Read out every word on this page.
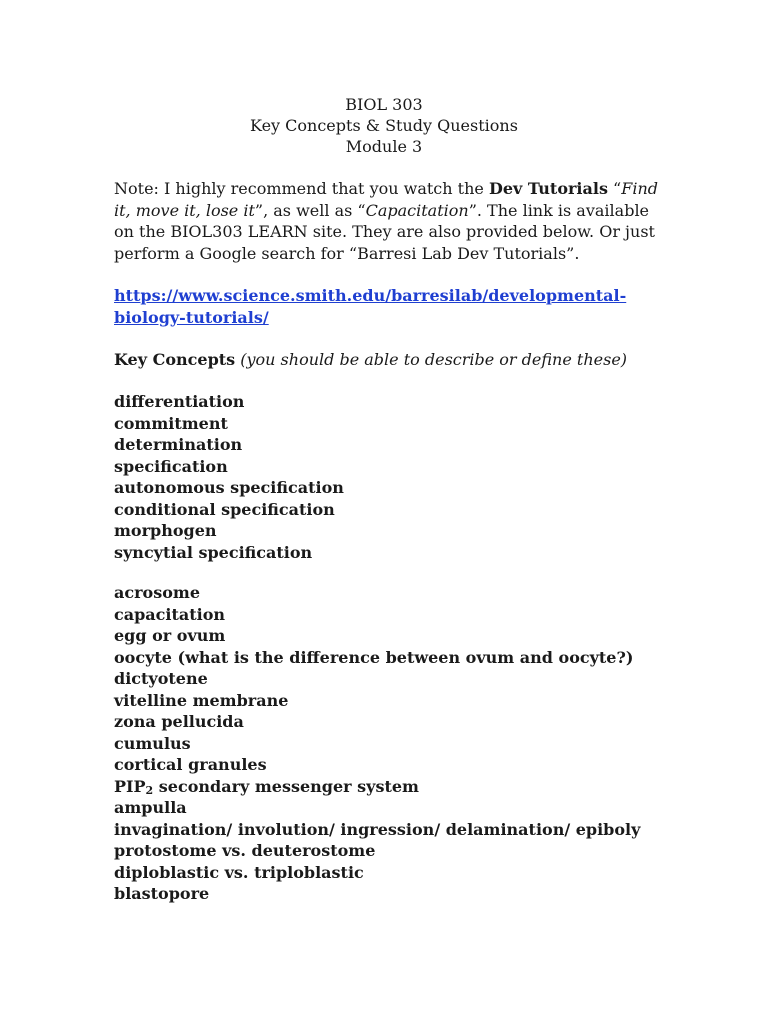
BIOL 303
Key Concepts & Study Questions
Module 3
Note: I highly recommend that you watch the Dev Tutorials “Find it, move it, lose it”, as well as “Capacitation”. The link is available on the BIOL303 LEARN site. They are also provided below. Or just perform a Google search for “Barresi Lab Dev Tutorials”.
https://www.science.smith.edu/barresilab/developmental-biology-tutorials/
Key Concepts (you should be able to describe or define these)
differentiation
commitment
determination
specification
autonomous specification
conditional specification
morphogen
syncytial specification
acrosome
capacitation
egg or ovum
oocyte (what is the difference between ovum and oocyte?)
dictyotene
vitelline membrane
zona pellucida
cumulus
cortical granules
$PIP_2$ secondary messenger system
ampulla
invagination/ involution/ ingression/ delamination/ epiboly
protostome vs. deuterostome
diploblastic vs. triploblastic
blastopore
